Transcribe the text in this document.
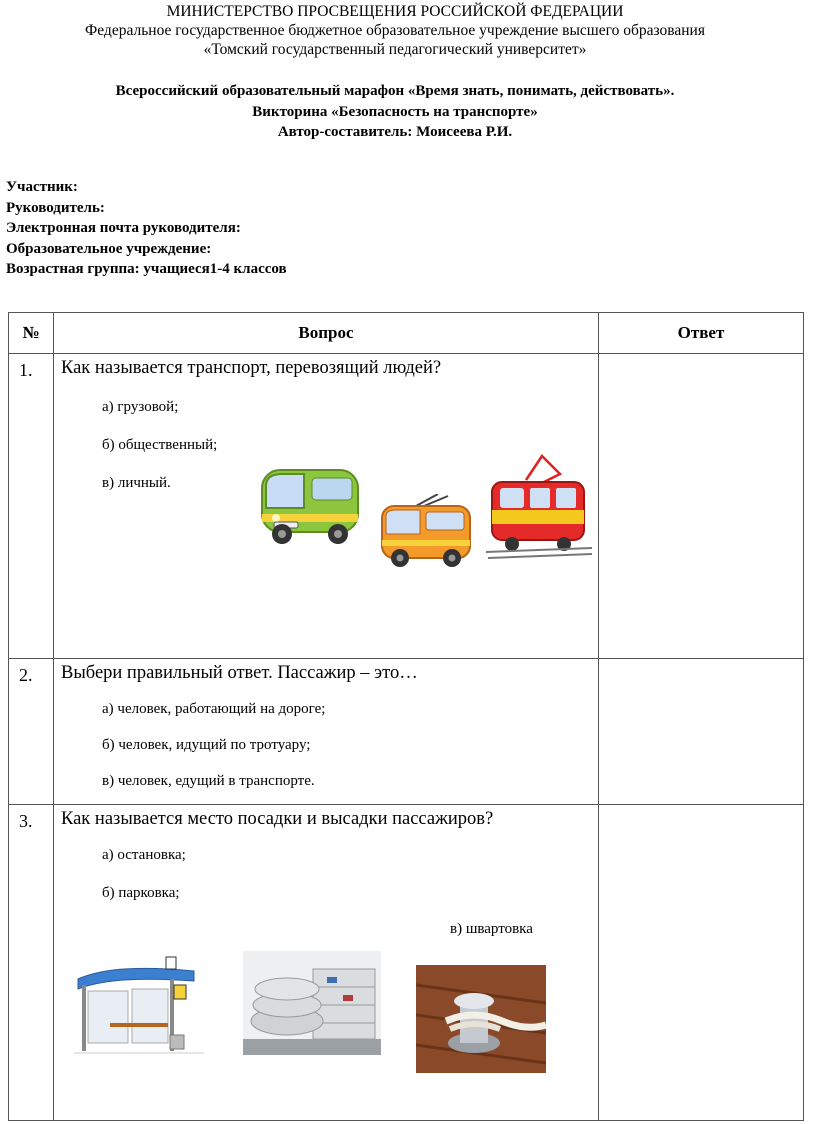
МИНИСТЕРСТВО ПРОСВЕЩЕНИЯ РОССИЙСКОЙ ФЕДЕРАЦИИ
Федеральное государственное бюджетное образовательное учреждение высшего образования
«Томский государственный педагогический университет»
Всероссийский образовательный марафон «Время знать, понимать, действовать».
Викторина «Безопасность на транспорте»
Автор-составитель: Моисеева Р.И.
Участник:
Руководитель:
Электронная почта руководителя:
Образовательное учреждение:
Возрастная группа: учащиеся1-4 классов
№	Вопрос	Ответ
1.	Как называется транспорт, перевозящий людей?
а) грузовой;
б) общественный;
в) личный.	

2.	Выбери правильный ответ. Пассажир – это…
а) человек, работающий на дороге;
б) человек, идущий по тротуару;
в) человек, едущий в транспорте.	

3.	Как называется место посадки и высадки пассажиров?
а) остановка;
б) парковка;
в) швартовка	
